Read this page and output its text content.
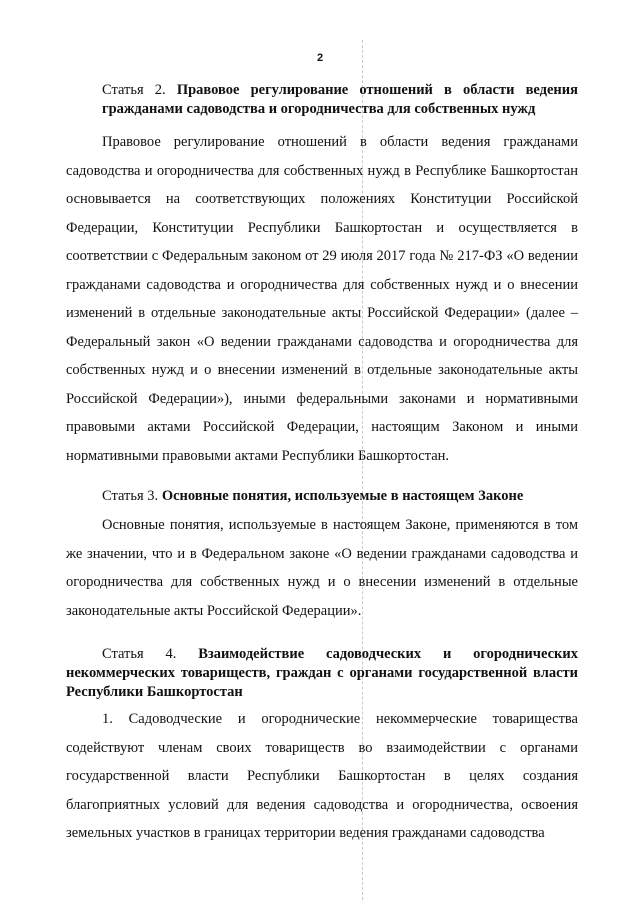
2
Статья 2. Правовое регулирование отношений в области ведения гражданами садоводства и огородничества для собственных нужд

Правовое регулирование отношений в области ведения гражданами садоводства и огородничества для собственных нужд в Республике Башкортостан основывается на соответствующих положениях Конституции Российской Федерации, Конституции Республики Башкортостан и осуществляется в соответствии с Федеральным законом от 29 июля 2017 года № 217-ФЗ «О ведении гражданами садоводства и огородничества для собственных нужд и о внесении изменений в отдельные законодательные акты Российской Федерации» (далее – Федеральный закон «О ведении гражданами садоводства и огородничества для собственных нужд и о внесении изменений в отдельные законодательные акты Российской Федерации»), иными федеральными законами и нормативными правовыми актами Российской Федерации, настоящим Законом и иными нормативными правовыми актами Республики Башкортостан.

Статья 3. Основные понятия, используемые в настоящем Законе

Основные понятия, используемые в настоящем Законе, применяются в том же значении, что и в Федеральном законе «О ведении гражданами садоводства и огородничества для собственных нужд и о внесении изменений в отдельные законодательные акты Российской Федерации».

Статья 4. Взаимодействие садоводческих и огороднических некоммерческих товариществ, граждан с органами государственной власти Республики Башкортостан

1. Садоводческие и огороднические некоммерческие товарищества содействуют членам своих товариществ во взаимодействии с органами государственной власти Республики Башкортостан в целях создания благоприятных условий для ведения садоводства и огородничества, освоения земельных участков в границах территории ведения гражданами садоводства
